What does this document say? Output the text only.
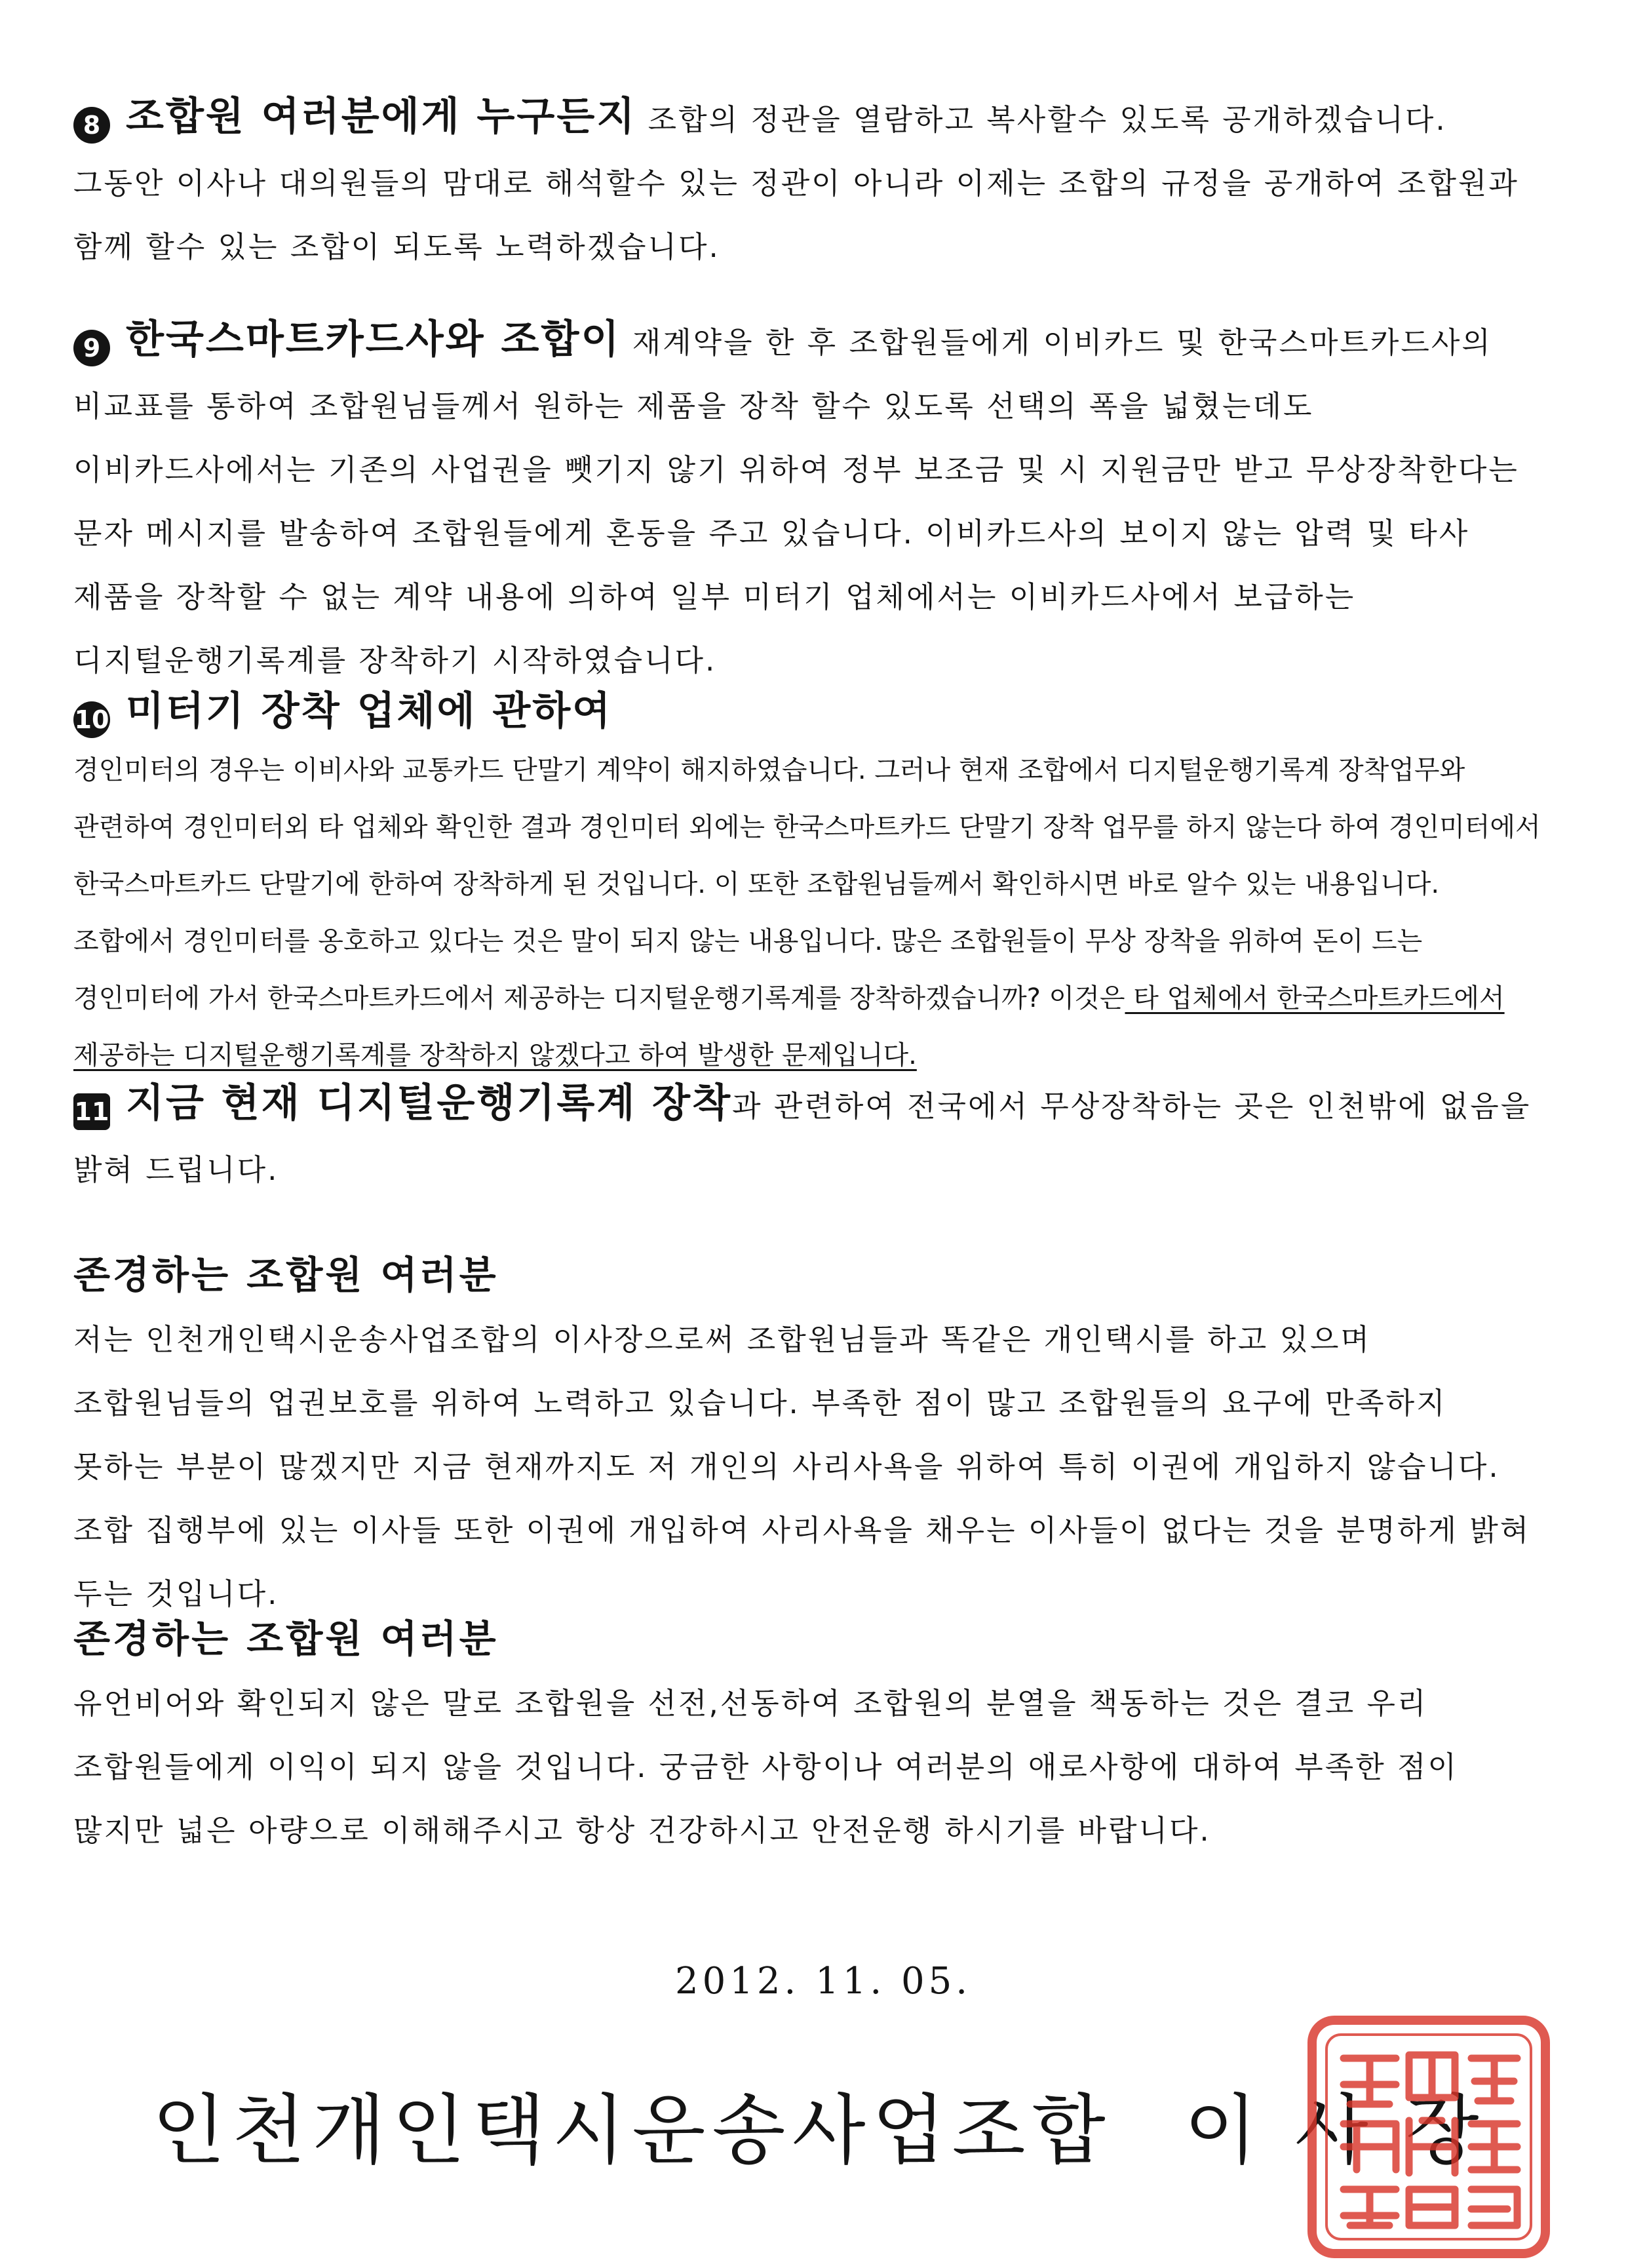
8 조합원 여러분에게 누구든지 조합의 정관을 열람하고 복사할수 있도록 공개하겠습니다. 그동안 이사나 대의원들의 맘대로 해석할수 있는 정관이 아니라 이제는 조합의 규정을 공개하여 조합원과 함께 할수 있는 조합이 되도록 노력하겠습니다.

9 한국스마트카드사와 조합이 재계약을 한 후 조합원들에게 이비카드 및 한국스마트카드사의 비교표를 통하여 조합원님들께서 원하는 제품을 장착 할수 있도록 선택의 폭을 넓혔는데도 이비카드사에서는 기존의 사업권을 뺏기지 않기 위하여 정부 보조금 및 시 지원금만 받고 무상장착한다는 문자 메시지를 발송하여 조합원들에게 혼동을 주고 있습니다. 이비카드사의 보이지 않는 압력 및 타사 제품을 장착할 수 없는 계약 내용에 의하여 일부 미터기 업체에서는 이비카드사에서 보급하는 디지털운행기록계를 장착하기 시작하였습니다.

10 미터기 장착 업체에 관하여

경인미터의 경우는 이비사와 교통카드 단말기 계약이 해지하였습니다. 그러나 현재 조합에서 디지털운행기록계 장착업무와 관련하여 경인미터외 타 업체와 확인한 결과 경인미터 외에는 한국스마트카드 단말기 장착 업무를 하지 않는다 하여 경인미터에서 한국스마트카드 단말기에 한하여 장착하게 된 것입니다. 이 또한 조합원님들께서 확인하시면 바로 알수 있는 내용입니다. 조합에서 경인미터를 옹호하고 있다는 것은 말이 되지 않는 내용입니다. 많은 조합원들이 무상 장착을 위하여 돈이 드는 경인미터에 가서 한국스마트카드에서 제공하는 디지털운행기록계를 장착하겠습니까? 이것은 타 업체에서 한국스마트카드에서 제공하는 디지털운행기록계를 장착하지 않겠다고 하여 발생한 문제입니다.

11 지금 현재 디지털운행기록계 장착과 관련하여 전국에서 무상장착하는 곳은 인천밖에 없음을 밝혀 드립니다.

존경하는 조합원 여러분

저는 인천개인택시운송사업조합의 이사장으로써 조합원님들과 똑같은 개인택시를 하고 있으며 조합원님들의 업권보호를 위하여 노력하고 있습니다. 부족한 점이 많고 조합원들의 요구에 만족하지 못하는 부분이 많겠지만 지금 현재까지도 저 개인의 사리사욕을 위하여 특히 이권에 개입하지 않습니다. 조합 집행부에 있는 이사들 또한 이권에 개입하여 사리사욕을 채우는 이사들이 없다는 것을 분명하게 밝혀 두는 것입니다.

존경하는 조합원 여러분

유언비어와 확인되지 않은 말로 조합원을 선전,선동하여 조합원의 분열을 책동하는 것은 결코 우리 조합원들에게 이익이 되지 않을 것입니다. 궁금한 사항이나 여러분의 애로사항에 대하여 부족한 점이 많지만 넓은 아량으로 이해해주시고 항상 건강하시고 안전운행 하시기를 바랍니다.

2012. 11. 05.
인천개인택시운송사업조합 이 사 장
